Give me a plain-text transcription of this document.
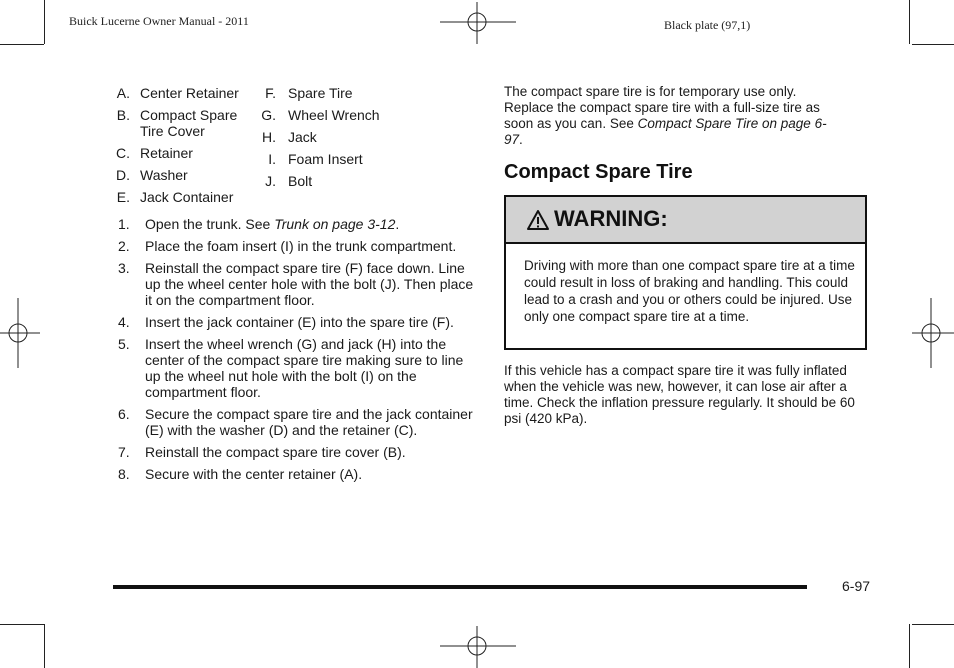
Buick Lucerne Owner Manual - 2011	Black plate (97,1)
A. Center Retainer
B. Compact Spare Tire Cover
C. Retainer
D. Washer
E. Jack Container
F. Spare Tire
G. Wheel Wrench
H. Jack
I. Foam Insert
J. Bolt
1.	Open the trunk. See Trunk on page 3-12.
2.	Place the foam insert (I) in the trunk compartment.
3.	Reinstall the compact spare tire (F) face down. Line up the wheel center hole with the bolt (J). Then place it on the compartment floor.
4.	Insert the jack container (E) into the spare tire (F).
5.	Insert the wheel wrench (G) and jack (H) into the center of the compact spare tire making sure to line up the wheel nut hole with the bolt (I) on the compartment floor.
6.	Secure the compact spare tire and the jack container (E) with the washer (D) and the retainer (C).
7.	Reinstall the compact spare tire cover (B).
8.	Secure with the center retainer (A).
The compact spare tire is for temporary use only. Replace the compact spare tire with a full-size tire as soon as you can. See Compact Spare Tire on page 6-97.
Compact Spare Tire
WARNING:
Driving with more than one compact spare tire at a time could result in loss of braking and handling. This could lead to a crash and you or others could be injured. Use only one compact spare tire at a time.
If this vehicle has a compact spare tire it was fully inflated when the vehicle was new, however, it can lose air after a time. Check the inflation pressure regularly. It should be 60 psi (420 kPa).
6-97
